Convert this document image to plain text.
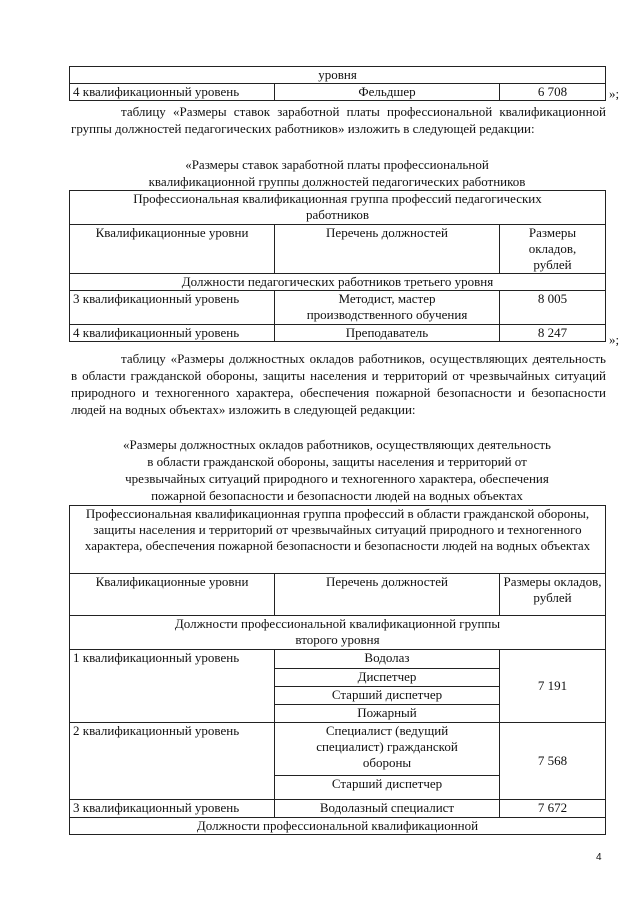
уровня
4 квалификационный уровень	Фельдшер	6 708	»;
таблицу «Размеры ставок заработной платы профессиональной квалификационной группы должностей педагогических работников» изложить в следующей редакции:
«Размеры ставок заработной платы профессиональной
квалификационной группы должностей педагогических работников
Профессиональная квалификационная группа профессий педагогических работников		
Квалификационные уровни	Перечень должностей	Размеры окладов, рублей
Должности педагогических работников третьего уровня		
3 квалификационный уровень	Методист, мастер производственного обучения	8 005
4 квалификационный уровень	Преподаватель	8 247	»;
таблицу «Размеры должностных окладов работников, осуществляющих деятельность в области гражданской обороны, защиты населения и территорий от чрезвычайных ситуаций природного и техногенного характера, обеспечения пожарной безопасности и безопасности людей на водных объектах» изложить в следующей редакции:
«Размеры должностных окладов работников, осуществляющих деятельность
в области гражданской обороны, защиты населения и территорий от
чрезвычайных ситуаций природного и техногенного характера, обеспечения
пожарной безопасности и безопасности людей на водных объектах
Профессиональная квалификационная группа профессий в области гражданской обороны, защиты населения и территорий от чрезвычайных ситуаций природного и техногенного характера, обеспечения пожарной безопасности и безопасности людей на водных объектах		
Квалификационные уровни	Перечень должностей	Размеры окладов, рублей
Должности профессиональной квалификационной группы второго уровня		
1 квалификационный уровень	Водолаз	7 191
	Диспетчер	
	Старший диспетчер	
	Пожарный	
2 квалификационный уровень	Специалист (ведущий специалист) гражданской обороны	7 568
	Старший диспетчер	
3 квалификационный уровень	Водолазный специалист	7 672
Должности профессиональной квалификационной		
4
